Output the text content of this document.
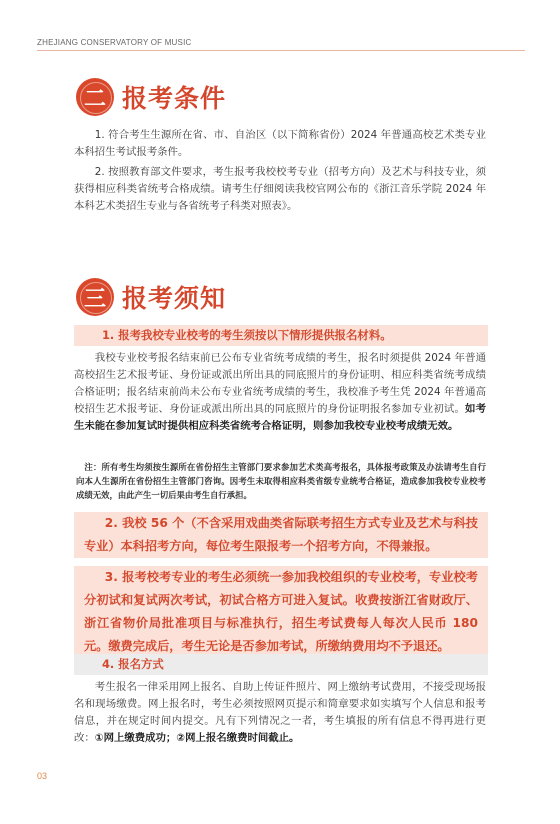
ZHEJIANG CONSERVATORY OF MUSIC
二 报考条件

1. 符合考生生源所在省、市、自治区（以下简称省份）2024 年普通高校艺术类专业本科招生考试报考条件。

2. 按照教育部文件要求，考生报考我校校考专业（招考方向）及艺术与科技专业，须获得相应科类省统考合格成绩。请考生仔细阅读我校官网公布的《浙江音乐学院 2024 年本科艺术类招生专业与各省统考子科类对照表》。

三 报考须知
1. 报考我校专业校考的考生须按以下情形提供报名材料。

我校专业校考报名结束前已公布专业省统考成绩的考生，报名时须提供 2024 年普通高校招生艺术报考证、身份证或派出所出具的同底照片的身份证明、相应科类省统考成绩合格证明；报名结束前尚未公布专业省统考成绩的考生，我校准予考生凭 2024 年普通高校招生艺术报考证、身份证或派出所出具的同底照片的身份证明报名参加专业初试。如考生未能在参加复试时提供相应科类省统考合格证明，则参加我校专业校考成绩无效。

注：所有考生均须按生源所在省份招生主管部门要求参加艺术类高考报名，具体报考政策及办法请考生自行向本人生源所在省份招生主管部门咨询。因考生未取得相应科类省级专业统考合格证，造成参加我校专业校考成绩无效，由此产生一切后果由考生自行承担。

2. 我校 56 个（不含采用戏曲类省际联考招生方式专业及艺术与科技专业）本科招考方向，每位考生限报考一个招考方向，不得兼报。
3. 报考校考专业的考生必须统一参加我校组织的专业校考，专业校考分初试和复试两次考试，初试合格方可进入复试。收费按浙江省财政厅、浙江省物价局批准项目与标准执行，招生考试费每人每次人民币 180 元。缴费完成后，考生无论是否参加考试，所缴纳费用均不予退还。
4. 报名方式

考生报名一律采用网上报名、自助上传证件照片、网上缴纳考试费用，不接受现场报名和现场缴费。网上报名时，考生必须按照网页提示和简章要求如实填写个人信息和报考信息，并在规定时间内提交。凡有下列情况之一者，考生填报的所有信息不得再进行更改：①网上缴费成功；②网上报名缴费时间截止。

03
